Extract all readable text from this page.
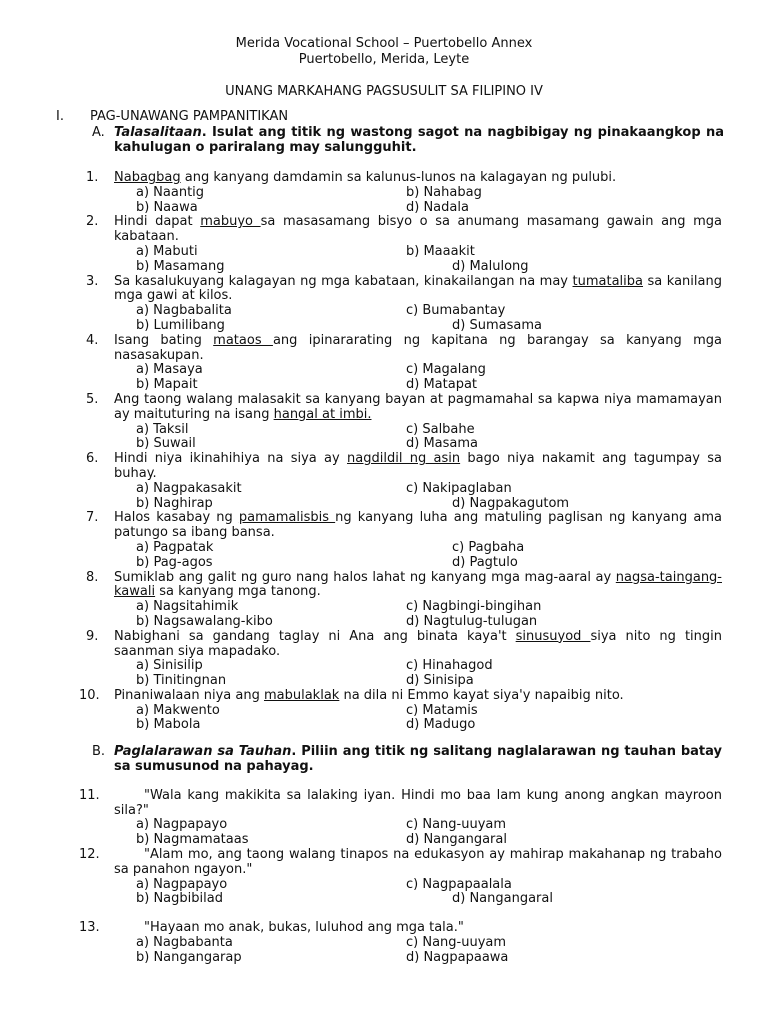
Merida Vocational School – Puertobello Annex
Puertobello, Merida, Leyte
UNANG MARKAHANG PAGSUSULIT SA FILIPINO IV
I. PAG-UNAWANG PAMPANITIKAN
A. Talasalitaan. Isulat ang titik ng wastong sagot na nagbibigay ng pinakaangkop na kahulugan o pariralang may salungguhit.
1. Nabagbag ang kanyang damdamin sa kalunus-lunos na kalagayan ng pulubi.
a) Naantig	b) Nahabag
b) Naawa	d) Nadala
2. Hindi dapat mabuyo sa masasamang bisyo o sa anumang masamang gawain ang mga kabataan.
a) Mabuti	b) Maaakit
b) Masamang	d) Malulong
3. Sa kasalukuyang kalagayan ng mga kabataan, kinakailangan na may tumataliba sa kanilang mga gawi at kilos.
a) Nagbabalita	c) Bumabantay
b) Lumilibang	d) Sumasama
4. Isang bating mataos ang ipinararating ng kapitana ng barangay sa kanyang mga nasasakupan.
a) Masaya	c) Magalang
b) Mapait	d) Matapat
5. Ang taong walang malasakit sa kanyang bayan at pagmamahal sa kapwa niya mamamayan ay maituturing na isang hangal at imbi.
a) Taksil	c) Salbahe
b) Suwail	d) Masama
6. Hindi niya ikinahihiya na siya ay nagdildil ng asin bago niya nakamit ang tagumpay sa buhay.
a) Nagpakasakit	c) Nakipaglaban
b) Naghirap	d) Nagpakagutom
7. Halos kasabay ng pamamalisbis ng kanyang luha ang matuling paglisan ng kanyang ama patungo sa ibang bansa.
a) Pagpatak	c) Pagbaha
b) Pag-agos	d) Pagtulo
8. Sumiklab ang galit ng guro nang halos lahat ng kanyang mga mag-aaral ay nagsa-taingang-kawali sa kanyang mga tanong.
a) Nagsitahimik	c) Nagbingi-bingihan
b) Nagsawalang-kibo	d) Nagtulug-tulugan
9. Nabighani sa gandang taglay ni Ana ang binata kaya't sinusuyod siya nito ng tingin saanman siya mapadako.
a) Sinisilip	c) Hinahagod
b) Tinitingnan	d) Sinisipa
10. Pinaniwalaan niya ang mabulaklak na dila ni Emmo kayat siya'y napaibig nito.
a) Makwento	c) Matamis
b) Mabola	d) Madugo
B. Paglalarawan sa Tauhan. Piliin ang titik ng salitang naglalarawan ng tauhan batay sa sumusunod na pahayag.
11.	"Wala kang makikita sa lalaking iyan. Hindi mo baa lam kung anong angkan mayroon sila?"
a) Nagpapayo	c) Nang-uuyam
b) Nagmamataas	d) Nangangaral
12.	"Alam mo, ang taong walang tinapos na edukasyon ay mahirap makahanap ng trabaho sa panahon ngayon."
a) Nagpapayo	c) Nagpapaalala
b) Nagbibilad	d) Nangangaral
13.	"Hayaan mo anak, bukas, luluhod ang mga tala."
a) Nagbabanta	c) Nang-uuyam
b) Nangangarap	d) Nagpapaawa
